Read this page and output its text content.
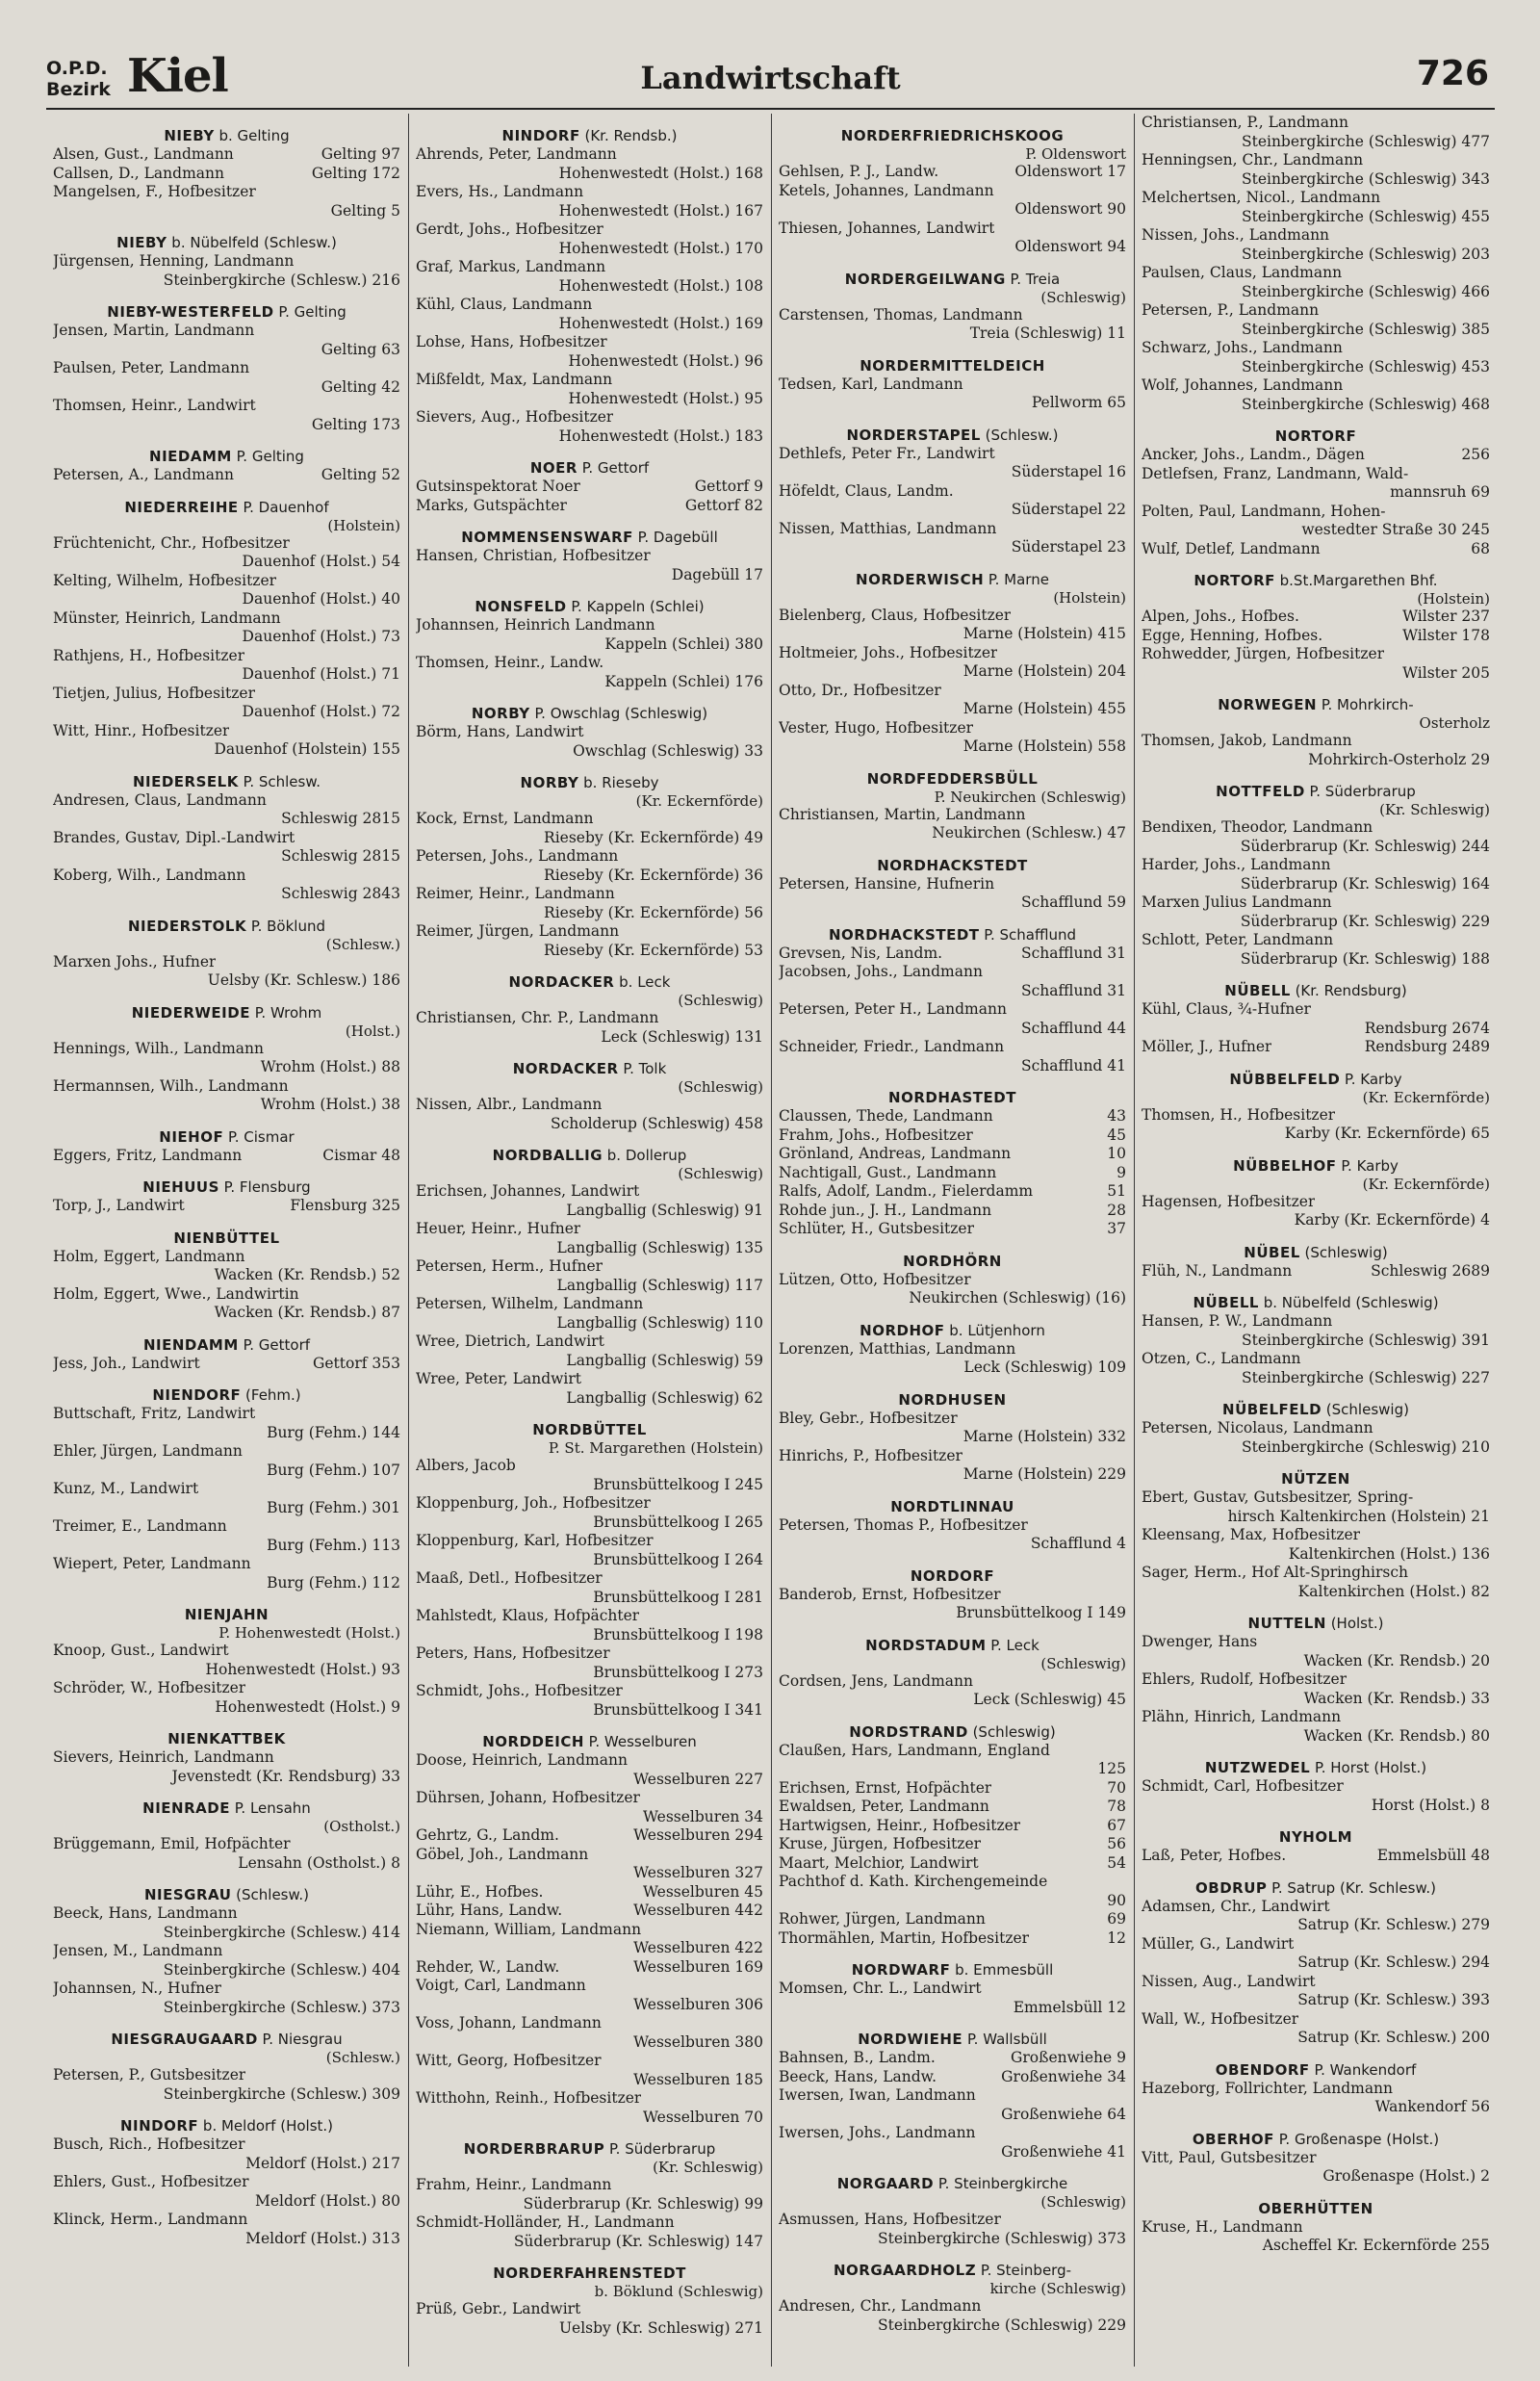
O.P.D.
Bezirk Kiel	Landwirtschaft	726
NIEBY b. Gelting
Alsen, Gust., Landmann	Gelting 97
Callsen, D., Landmann	Gelting 172
Mangelsen, F., Hofbesitzer
Gelting 5
NIEBY b. Nübelfeld (Schlesw.)
Jürgensen, Henning, Landmann
Steinbergkirche (Schlesw.) 216
NIEBY-WESTERFELD P. Gelting
Jensen, Martin, Landmann
Gelting 63
Paulsen, Peter, Landmann
Gelting 42
Thomsen, Heinr., Landwirt
Gelting 173
NIEDAMM P. Gelting
Petersen, A., Landmann	Gelting 52
NIEDERREIHE P. Dauenhof
(Holstein)
Früchtenicht, Chr., Hofbesitzer
Dauenhof (Holst.) 54
Kelting, Wilhelm, Hofbesitzer
Dauenhof (Holst.) 40
Münster, Heinrich, Landmann
Dauenhof (Holst.) 73
Rathjens, H., Hofbesitzer
Dauenhof (Holst.) 71
Tietjen, Julius, Hofbesitzer
Dauenhof (Holst.) 72
Witt, Hinr., Hofbesitzer
Dauenhof (Holstein) 155
NIEDERSELK P. Schlesw.
Andresen, Claus, Landmann
Schleswig 2815
Brandes, Gustav, Dipl.-Landwirt
Schleswig 2815
Koberg, Wilh., Landmann
Schleswig 2843
NIEDERSTOLK P. Böklund
(Schlesw.)
Marxen Johs., Hufner
Uelsby (Kr. Schlesw.) 186
NIEDERWEIDE P. Wrohm
(Holst.)
Hennings, Wilh., Landmann
Wrohm (Holst.) 88
Hermannsen, Wilh., Landmann
Wrohm (Holst.) 38
NIEHOF P. Cismar
Eggers, Fritz, Landmann	Cismar 48
NIEHUUS P. Flensburg
Torp, J., Landwirt	Flensburg 325
NIENBÜTTEL
Holm, Eggert, Landmann
Wacken (Kr. Rendsb.) 52
Holm, Eggert, Wwe., Landwirtin
Wacken (Kr. Rendsb.) 87
NIENDAMM P. Gettorf
Jess, Joh., Landwirt	Gettorf 353
NIENDORF (Fehm.)
Buttschaft, Fritz, Landwirt
Burg (Fehm.) 144
Ehler, Jürgen, Landmann
Burg (Fehm.) 107
Kunz, M., Landwirt
Burg (Fehm.) 301
Treimer, E., Landmann
Burg (Fehm.) 113
Wiepert, Peter, Landmann
Burg (Fehm.) 112
NIENJAHN
P. Hohenwestedt (Holst.)
Knoop, Gust., Landwirt
Hohenwestedt (Holst.) 93
Schröder, W., Hofbesitzer
Hohenwestedt (Holst.) 9
NIENKATTBEK
Sievers, Heinrich, Landmann
Jevenstedt (Kr. Rendsburg) 33
NIENRADE P. Lensahn
(Ostholst.)
Brüggemann, Emil, Hofpächter
Lensahn (Ostholst.) 8
NIESGRAU (Schlesw.)
Beeck, Hans, Landmann
Steinbergkirche (Schlesw.) 414
Jensen, M., Landmann
Steinbergkirche (Schlesw.) 404
Johannsen, N., Hufner
Steinbergkirche (Schlesw.) 373
NIESGRAUGAARD P. Niesgrau
(Schlesw.)
Petersen, P., Gutsbesitzer
Steinbergkirche (Schlesw.) 309
NINDORF b. Meldorf (Holst.)
Busch, Rich., Hofbesitzer
Meldorf (Holst.) 217
Ehlers, Gust., Hofbesitzer
Meldorf (Holst.) 80
Klinck, Herm., Landmann
Meldorf (Holst.) 313
NINDORF (Kr. Rendsb.)
Ahrends, Peter, Landmann
Hohenwestedt (Holst.) 168
Evers, Hs., Landmann
Hohenwestedt (Holst.) 167
Gerdt, Johs., Hofbesitzer
Hohenwestedt (Holst.) 170
Graf, Markus, Landmann
Hohenwestedt (Holst.) 108
Kühl, Claus, Landmann
Hohenwestedt (Holst.) 169
Lohse, Hans, Hofbesitzer
Hohenwestedt (Holst.) 96
Mißfeldt, Max, Landmann
Hohenwestedt (Holst.) 95
Sievers, Aug., Hofbesitzer
Hohenwestedt (Holst.) 183
NOER P. Gettorf
Gutsinspektorat Noer	Gettorf 9
Marks, Gutspächter	Gettorf 82
NOMMENSENSWARF P. Dagebüll
Hansen, Christian, Hofbesitzer
Dagebüll 17
NONSFELD P. Kappeln (Schlei)
Johannsen, Heinrich Landmann
Kappeln (Schlei) 380
Thomsen, Heinr., Landw.
Kappeln (Schlei) 176
NORBY P. Owschlag (Schleswig)
Börm, Hans, Landwirt
Owschlag (Schleswig) 33
NORBY b. Rieseby
(Kr. Eckernförde)
Kock, Ernst, Landmann
Rieseby (Kr. Eckernförde) 49
Petersen, Johs., Landmann
Rieseby (Kr. Eckernförde) 36
Reimer, Heinr., Landmann
Rieseby (Kr. Eckernförde) 56
Reimer, Jürgen, Landmann
Rieseby (Kr. Eckernförde) 53
NORDACKER b. Leck
(Schleswig)
Christiansen, Chr. P., Landmann
Leck (Schleswig) 131
NORDACKER P. Tolk
(Schleswig)
Nissen, Albr., Landmann
Scholderup (Schleswig) 458
NORDBALLIG b. Dollerup
(Schleswig)
Erichsen, Johannes, Landwirt
Langballig (Schleswig) 91
Heuer, Heinr., Hufner
Langballig (Schleswig) 135
Petersen, Herm., Hufner
Langballig (Schleswig) 117
Petersen, Wilhelm, Landmann
Langballig (Schleswig) 110
Wree, Dietrich, Landwirt
Langballig (Schleswig) 59
Wree, Peter, Landwirt
Langballig (Schleswig) 62
NORDBÜTTEL
P. St. Margarethen (Holstein)
Albers, Jacob
Brunsbüttelkoog I 245
Kloppenburg, Joh., Hofbesitzer
Brunsbüttelkoog I 265
Kloppenburg, Karl, Hofbesitzer
Brunsbüttelkoog I 264
Maaß, Detl., Hofbesitzer
Brunsbüttelkoog I 281
Mahlstedt, Klaus, Hofpächter
Brunsbüttelkoog I 198
Peters, Hans, Hofbesitzer
Brunsbüttelkoog I 273
Schmidt, Johs., Hofbesitzer
Brunsbüttelkoog I 341
NORDDEICH P. Wesselburen
Doose, Heinrich, Landmann
Wesselburen 227
Dührsen, Johann, Hofbesitzer
Wesselburen 34
Gehrtz, G., Landm.	Wesselburen 294
Göbel, Joh., Landmann
Wesselburen 327
Lühr, E., Hofbes.	Wesselburen 45
Lühr, Hans, Landw.	Wesselburen 442
Niemann, William, Landmann
Wesselburen 422
Rehder, W., Landw.	Wesselburen 169
Voigt, Carl, Landmann
Wesselburen 306
Voss, Johann, Landmann
Wesselburen 380
Witt, Georg, Hofbesitzer
Wesselburen 185
Witthohn, Reinh., Hofbesitzer
Wesselburen 70
NORDERBRARUP P. Süderbrarup
(Kr. Schleswig)
Frahm, Heinr., Landmann
Süderbrarup (Kr. Schleswig) 99
Schmidt-Holländer, H., Landmann
Süderbrarup (Kr. Schleswig) 147
NORDERFAHRENSTEDT
b. Böklund (Schleswig)
Prüß, Gebr., Landwirt
Uelsby (Kr. Schleswig) 271
NORDERFRIEDRICHSKOOG
P. Oldenswort
Gehlsen, P. J., Landw.	Oldenswort 17
Ketels, Johannes, Landmann
Oldenswort 90
Thiesen, Johannes, Landwirt
Oldenswort 94
NORDERGEILWANG P. Treia
(Schleswig)
Carstensen, Thomas, Landmann
Treia (Schleswig) 11
NORDERMITTELDEICH
Tedsen, Karl, Landmann
Pellworm 65
NORDERSTAPEL (Schlesw.)
Dethlefs, Peter Fr., Landwirt
Süderstapel 16
Höfeldt, Claus, Landm.
Süderstapel 22
Nissen, Matthias, Landmann
Süderstapel 23
NORDERWISCH P. Marne
(Holstein)
Bielenberg, Claus, Hofbesitzer
Marne (Holstein) 415
Holtmeier, Johs., Hofbesitzer
Marne (Holstein) 204
Otto, Dr., Hofbesitzer
Marne (Holstein) 455
Vester, Hugo, Hofbesitzer
Marne (Holstein) 558
NORDFEDDERSBÜLL
P. Neukirchen (Schleswig)
Christiansen, Martin, Landmann
Neukirchen (Schlesw.) 47
NORDHACKSTEDT
Petersen, Hansine, Hufnerin
Schafflund 59
NORDHACKSTEDT P. Schafflund
Grevsen, Nis, Landm.	Schafflund 31
Jacobsen, Johs., Landmann
Schafflund 31
Petersen, Peter H., Landmann
Schafflund 44
Schneider, Friedr., Landmann
Schafflund 41
NORDHASTEDT
Claussen, Thede, Landmann	43
Frahm, Johs., Hofbesitzer	45
Grönland, Andreas, Landmann	10
Nachtigall, Gust., Landmann	9
Ralfs, Adolf, Landm., Fielerdamm	51
Rohde jun., J. H., Landmann	28
Schlüter, H., Gutsbesitzer	37
NORDHÖRN
Lützen, Otto, Hofbesitzer
Neukirchen (Schleswig) (16)
NORDHOF b. Lütjenhorn
Lorenzen, Matthias, Landmann
Leck (Schleswig) 109
NORDHUSEN
Bley, Gebr., Hofbesitzer
Marne (Holstein) 332
Hinrichs, P., Hofbesitzer
Marne (Holstein) 229
NORDTLINNAU
Petersen, Thomas P., Hofbesitzer
Schafflund 4
NORDORF
Banderob, Ernst, Hofbesitzer
Brunsbüttelkoog I 149
NORDSTADUM P. Leck
(Schleswig)
Cordsen, Jens, Landmann
Leck (Schleswig) 45
NORDSTRAND (Schleswig)
Claußen, Hars, Landmann, England
125
Erichsen, Ernst, Hofpächter	70
Ewaldsen, Peter, Landmann	78
Hartwigsen, Heinr., Hofbesitzer	67
Kruse, Jürgen, Hofbesitzer	56
Maart, Melchior, Landwirt	54
Pachthof d. Kath. Kirchengemeinde
90
Rohwer, Jürgen, Landmann	69
Thormählen, Martin, Hofbesitzer	12
NORDWARF b. Emmesbüll
Momsen, Chr. L., Landwirt
Emmelsbüll 12
NORDWIEHE P. Wallsbüll
Bahnsen, B., Landm.	Großenwiehe 9
Beeck, Hans, Landw.	Großenwiehe 34
Iwersen, Iwan, Landmann
Großenwiehe 64
Iwersen, Johs., Landmann
Großenwiehe 41
NORGAARD P. Steinbergkirche
(Schleswig)
Asmussen, Hans, Hofbesitzer
Steinbergkirche (Schleswig) 373
NORGAARDHOLZ P. Steinberg-
kirche (Schleswig)
Andresen, Chr., Landmann
Steinbergkirche (Schleswig) 229
Christiansen, P., Landmann
Steinbergkirche (Schleswig) 477
Henningsen, Chr., Landmann
Steinbergkirche (Schleswig) 343
Melchertsen, Nicol., Landmann
Steinbergkirche (Schleswig) 455
Nissen, Johs., Landmann
Steinbergkirche (Schleswig) 203
Paulsen, Claus, Landmann
Steinbergkirche (Schleswig) 466
Petersen, P., Landmann
Steinbergkirche (Schleswig) 385
Schwarz, Johs., Landmann
Steinbergkirche (Schleswig) 453
Wolf, Johannes, Landmann
Steinbergkirche (Schleswig) 468
NORTORF
Ancker, Johs., Landm., Dägen	256
Detlefsen, Franz, Landmann, Wald-
mannsruh 69
Polten, Paul, Landmann, Hohen-
westedter Straße 30 245
Wulf, Detlef, Landmann	68
NORTORF b.St.Margarethen Bhf.
(Holstein)
Alpen, Johs., Hofbes.	Wilster 237
Egge, Henning, Hofbes.	Wilster 178
Rohwedder, Jürgen, Hofbesitzer
Wilster 205
NORWEGEN P. Mohrkirch-
Osterholz
Thomsen, Jakob, Landmann
Mohrkirch-Osterholz 29
NOTTFELD P. Süderbrarup
(Kr. Schleswig)
Bendixen, Theodor, Landmann
Süderbrarup (Kr. Schleswig) 244
Harder, Johs., Landmann
Süderbrarup (Kr. Schleswig) 164
Marxen Julius Landmann
Süderbrarup (Kr. Schleswig) 229
Schlott, Peter, Landmann
Süderbrarup (Kr. Schleswig) 188
NÜBELL (Kr. Rendsburg)
Kühl, Claus, ¾-Hufner
Rendsburg 2674
Möller, J., Hufner	Rendsburg 2489
NÜBBELFELD P. Karby
(Kr. Eckernförde)
Thomsen, H., Hofbesitzer
Karby (Kr. Eckernförde) 65
NÜBBELHOF P. Karby
(Kr. Eckernförde)
Hagensen, Hofbesitzer
Karby (Kr. Eckernförde) 4
NÜBEL (Schleswig)
Flüh, N., Landmann	Schleswig 2689
NÜBELL b. Nübelfeld (Schleswig)
Hansen, P. W., Landmann
Steinbergkirche (Schleswig) 391
Otzen, C., Landmann
Steinbergkirche (Schleswig) 227
NÜBELFELD (Schleswig)
Petersen, Nicolaus, Landmann
Steinbergkirche (Schleswig) 210
NÜTZEN
Ebert, Gustav, Gutsbesitzer, Spring-
hirsch Kaltenkirchen (Holstein) 21
Kleensang, Max, Hofbesitzer
Kaltenkirchen (Holst.) 136
Sager, Herm., Hof Alt-Springhirsch
Kaltenkirchen (Holst.) 82
NUTTELN (Holst.)
Dwenger, Hans
Wacken (Kr. Rendsb.) 20
Ehlers, Rudolf, Hofbesitzer
Wacken (Kr. Rendsb.) 33
Plähn, Hinrich, Landmann
Wacken (Kr. Rendsb.) 80
NUTZWEDEL P. Horst (Holst.)
Schmidt, Carl, Hofbesitzer
Horst (Holst.) 8
NYHOLM
Laß, Peter, Hofbes.	Emmelsbüll 48
OBDRUP P. Satrup (Kr. Schlesw.)
Adamsen, Chr., Landwirt
Satrup (Kr. Schlesw.) 279
Müller, G., Landwirt
Satrup (Kr. Schlesw.) 294
Nissen, Aug., Landwirt
Satrup (Kr. Schlesw.) 393
Wall, W., Hofbesitzer
Satrup (Kr. Schlesw.) 200
OBENDORF P. Wankendorf
Hazeborg, Follrichter, Landmann
Wankendorf 56
OBERHOF P. Großenaspe (Holst.)
Vitt, Paul, Gutsbesitzer
Großenaspe (Holst.) 2
OBERHÜTTEN
Kruse, H., Landmann
Ascheffel Kr. Eckernförde 255
